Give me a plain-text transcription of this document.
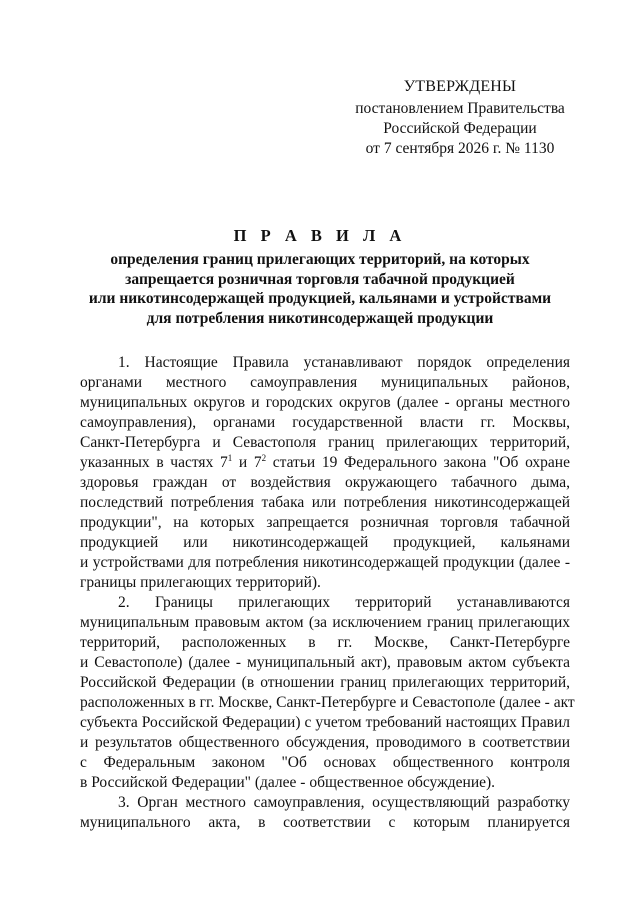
УТВЕРЖДЕНЫ
постановлением Правительства
Российской Федерации
от 7 сентября 2026 г. № 1130
П Р А В И Л А
определения границ прилегающих территорий, на которых
запрещается розничная торговля табачной продукцией
или никотинсодержащей продукцией, кальянами и устройствами
для потребления никотинсодержащей продукции
1. Настоящие Правила устанавливают порядок определения
органами местного самоуправления муниципальных районов,
муниципальных округов и городских округов (далее - органы местного
самоуправления), органами государственной власти гг. Москвы,
Санкт-Петербурга и Севастополя границ прилегающих территорий,
указанных в частях $7^1$ и $7^2$ статьи 19 Федерального закона "Об охране
здоровья граждан от воздействия окружающего табачного дыма,
последствий потребления табака или потребления никотинсодержащей
продукции", на которых запрещается розничная торговля табачной
продукцией или никотинсодержащей продукцией, кальянами
и устройствами для потребления никотинсодержащей продукции (далее -
границы прилегающих территорий).
2. Границы прилегающих территорий устанавливаются
муниципальным правовым актом (за исключением границ прилегающих
территорий, расположенных в гг. Москве, Санкт-Петербурге
и Севастополе) (далее - муниципальный акт), правовым актом субъекта
Российской Федерации (в отношении границ прилегающих территорий,
расположенных в гг. Москве, Санкт-Петербурге и Севастополе (далее - акт
субъекта Российской Федерации) с учетом требований настоящих Правил
и результатов общественного обсуждения, проводимого в соответствии
с Федеральным законом "Об основах общественного контроля
в Российской Федерации" (далее - общественное обсуждение).
3. Орган местного самоуправления, осуществляющий разработку
муниципального акта, в соответствии с которым планируется
